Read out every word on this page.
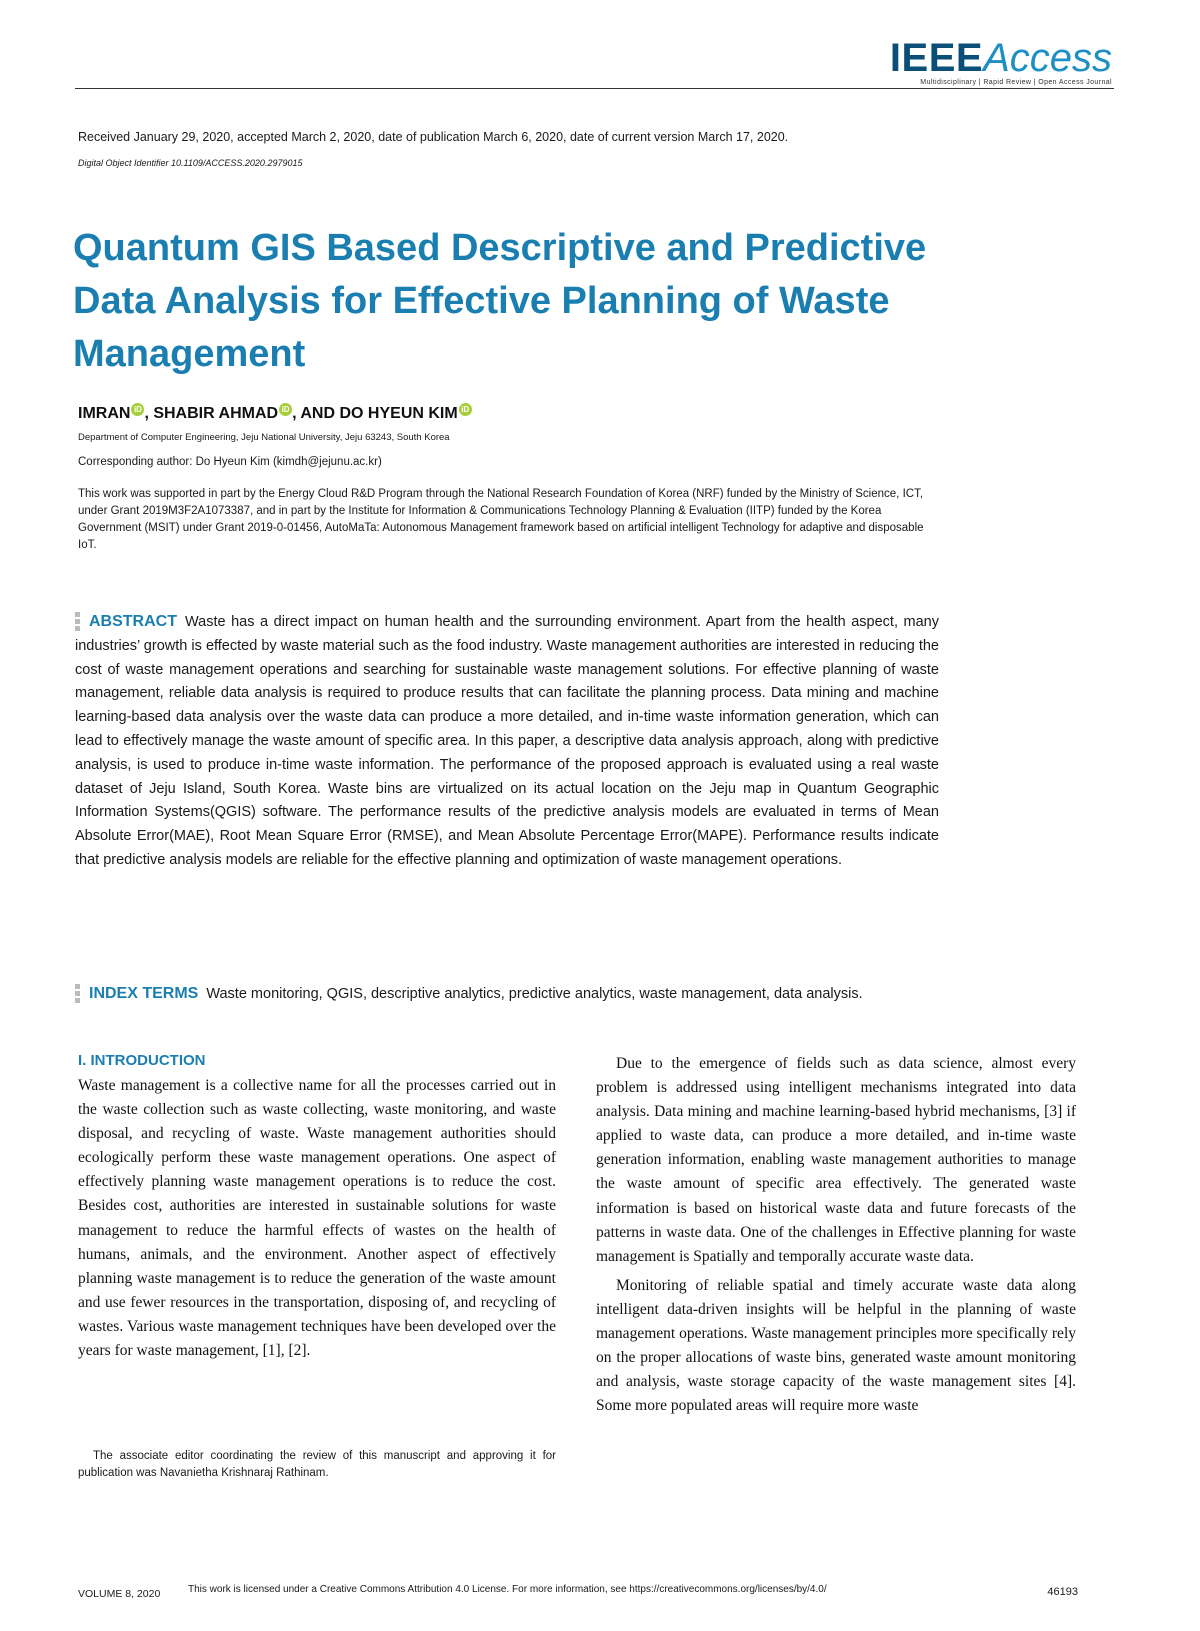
IEEEAccess
Multidisciplinary | Rapid Review | Open Access Journal
Received January 29, 2020, accepted March 2, 2020, date of publication March 6, 2020, date of current version March 17, 2020.
Digital Object Identifier 10.1109/ACCESS.2020.2979015
Quantum GIS Based Descriptive and Predictive Data Analysis for Effective Planning of Waste Management
IMRAN iD , SHABIR AHMAD iD , AND DO HYEUN KIM iD
Department of Computer Engineering, Jeju National University, Jeju 63243, South Korea
Corresponding author: Do Hyeun Kim (kimdh@jejunu.ac.kr)
This work was supported in part by the Energy Cloud R&D Program through the National Research Foundation of Korea (NRF) funded by the Ministry of Science, ICT, under Grant 2019M3F2A1073387, and in part by the Institute for Information & Communications Technology Planning & Evaluation (IITP) funded by the Korea Government (MSIT) under Grant 2019-0-01456, AutoMaTa: Autonomous Management framework based on artificial intelligent Technology for adaptive and disposable IoT.
ABSTRACT Waste has a direct impact on human health and the surrounding environment. Apart from the health aspect, many industries’ growth is effected by waste material such as the food industry. Waste management authorities are interested in reducing the cost of waste management operations and searching for sustainable waste management solutions. For effective planning of waste management, reliable data analysis is required to produce results that can facilitate the planning process. Data mining and machine learning-based data analysis over the waste data can produce a more detailed, and in-time waste information generation, which can lead to effectively manage the waste amount of specific area. In this paper, a descriptive data analysis approach, along with predictive analysis, is used to produce in-time waste information. The performance of the proposed approach is evaluated using a real waste dataset of Jeju Island, South Korea. Waste bins are virtualized on its actual location on the Jeju map in Quantum Geographic Information Systems(QGIS) software. The performance results of the predictive analysis models are evaluated in terms of Mean Absolute Error(MAE), Root Mean Square Error (RMSE), and Mean Absolute Percentage Error(MAPE). Performance results indicate that predictive analysis models are reliable for the effective planning and optimization of waste management operations.
INDEX TERMS Waste monitoring, QGIS, descriptive analytics, predictive analytics, waste management, data analysis.
I. INTRODUCTION
Waste management is a collective name for all the processes carried out in the waste collection such as waste collecting, waste monitoring, and waste disposal, and recycling of waste. Waste management authorities should ecologically perform these waste management operations. One aspect of effectively planning waste management operations is to reduce the cost. Besides cost, authorities are interested in sustainable solutions for waste management to reduce the harmful effects of wastes on the health of humans, animals, and the environment. Another aspect of effectively planning waste management is to reduce the generation of the waste amount and use fewer resources in the transportation, disposing of, and recycling of wastes. Various waste management techniques have been developed over the years for waste management, [1], [2].

Due to the emergence of fields such as data science, almost every problem is addressed using intelligent mechanisms integrated into data analysis. Data mining and machine learning-based hybrid mechanisms, [3] if applied to waste data, can produce a more detailed, and in-time waste generation information, enabling waste management authorities to manage the waste amount of specific area effectively. The generated waste information is based on historical waste data and future forecasts of the patterns in waste data. One of the challenges in Effective planning for waste management is Spatially and temporally accurate waste data.

Monitoring of reliable spatial and timely accurate waste data along intelligent data-driven insights will be helpful in the planning of waste management operations. Waste management principles more specifically rely on the proper allocations of waste bins, generated waste amount monitoring and analysis, waste storage capacity of the waste management sites [4]. Some more populated areas will require more waste

The associate editor coordinating the review of this manuscript and approving it for publication was Navanietha Krishnaraj Rathinam.
VOLUME 8, 2020	This work is licensed under a Creative Commons Attribution 4.0 License. For more information, see https://creativecommons.org/licenses/by/4.0/	46193
